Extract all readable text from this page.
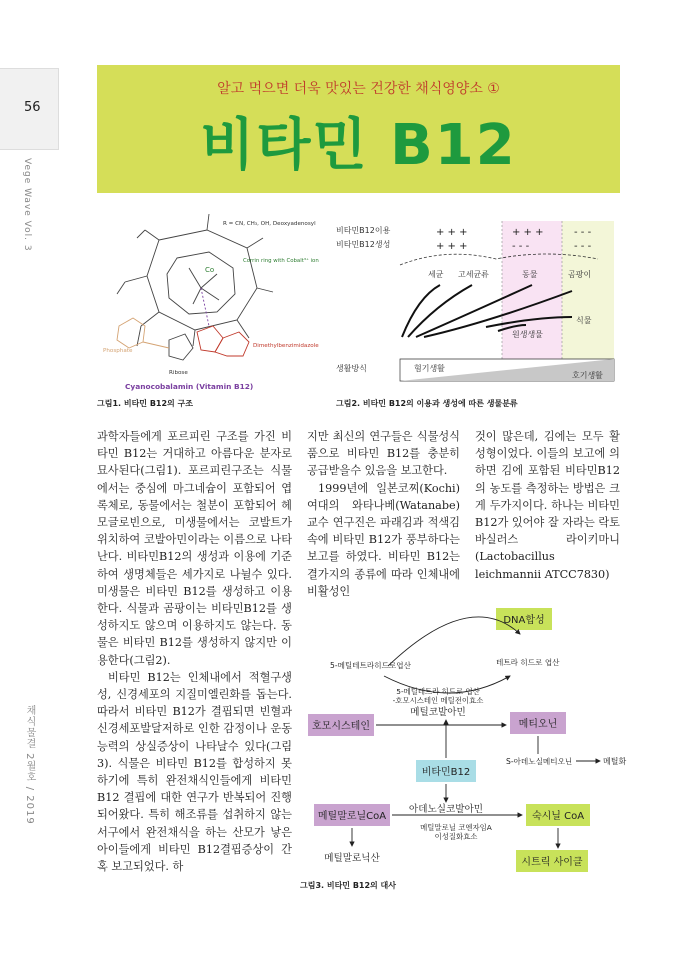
56
Vege Wave Vol. 3
채식물결 2월호 / 2019
알고 먹으면 더욱 맛있는 건강한 채식영양소 ①
비타민 B12
Co
R = CN, CH₃, OH, Deoxyadenosyl
Corrin ring with Cobalt³⁺ ion
Dimethylbenzimidazole
Phosphate
Ribose
Cyanocobalamin (Vitamin B12)
그림1. 비타민 B12의 구조
비타민B12이용
비타민B12생성
+ + +
+ + +
+ + +
- - -
- - -
- - -
세균 고세균류	동물	곰팡이
식물
원생생물
생활방식	혐기생활
호기생활
그림2. 비타민 B12의 이용과 생성에 따른 생물분류

과학자들에게 포르피린 구조를 가진 비타민 B12는 거대하고 아름다운 분자로 묘사된다(그림1). 포르피린구조는 식물에서는 중심에 마그네슘이 포함되어 엽록체로, 동물에서는 철분이 포함되어 헤모글로빈으로, 미생물에서는 코발트가 위치하여 코발아민이라는 이름으로 나타난다. 비타민B12의 생성과 이용에 기준하여 생명체들은 세가지로 나뉠수 있다. 미생물은 비타민 B12를 생성하고 이용한다. 식물과 곰팡이는 비타민B12를 생성하지도 않으며 이용하지도 않는다. 동물은 비타민 B12를 생성하지 않지만 이용한다(그림2).

비타민 B12는 인체내에서 적혈구생성, 신경세포의 지질미엘린화를 돕는다. 따라서 비타민 B12가 결핍되면 빈혈과 신경세포발달저하로 인한 감정이나 운동능력의 상실증상이 나타날수 있다(그림3). 식물은 비타민 B12를 합성하지 못하기에 특히 완전채식인들에게 비타민B12 결핍에 대한 연구가 반복되어 진행되어왔다. 특히 해조류를 섭취하지 않는 서구에서 완전채식을 하는 산모가 낳은 아이들에게 비타민 B12결핍증상이 간혹 보고되었다. 하

지만 최신의 연구들은 식물성식품으로 비타민 B12를 충분히 공급받을수 있음을 보고한다.

1999년에 일본코찌(Kochi) 여대의 와타나베(Watanabe)교수 연구진은 파래김과 적색김 속에 비타민 B12가 풍부하다는 보고를 하였다. 비타민 B12는 결가지의 종류에 따라 인체내에 비활성인

것이 많은데, 김에는 모두 활성형이었다. 이들의 보고에 의하면 김에 포함된 비타민B12의 농도를 측정하는 방법은 크게 두가지이다. 하나는 비타민 B12가 있어야 잘 자라는 락토바실러스 라이키마니(Lactobacillus leichmannii ATCC7830)

DNA합성
5-메틸테트라히드로엽산	테트라 히드로 엽산
5-메틸테트라 히드로 엽산
-호모시스테인 메틸전이효소
메틸코발아민
호모시스테인	메티오닌
S-아데노실메티오닌	메틸화
비타민B12
아데노실코발아민
메틸말로닐CoA	숙시닐 CoA
메틸말로닐 코엔자임A
이성질화효소
시트릭 사이클
메틸말로닉산
그림3. 비타민 B12의 대사
